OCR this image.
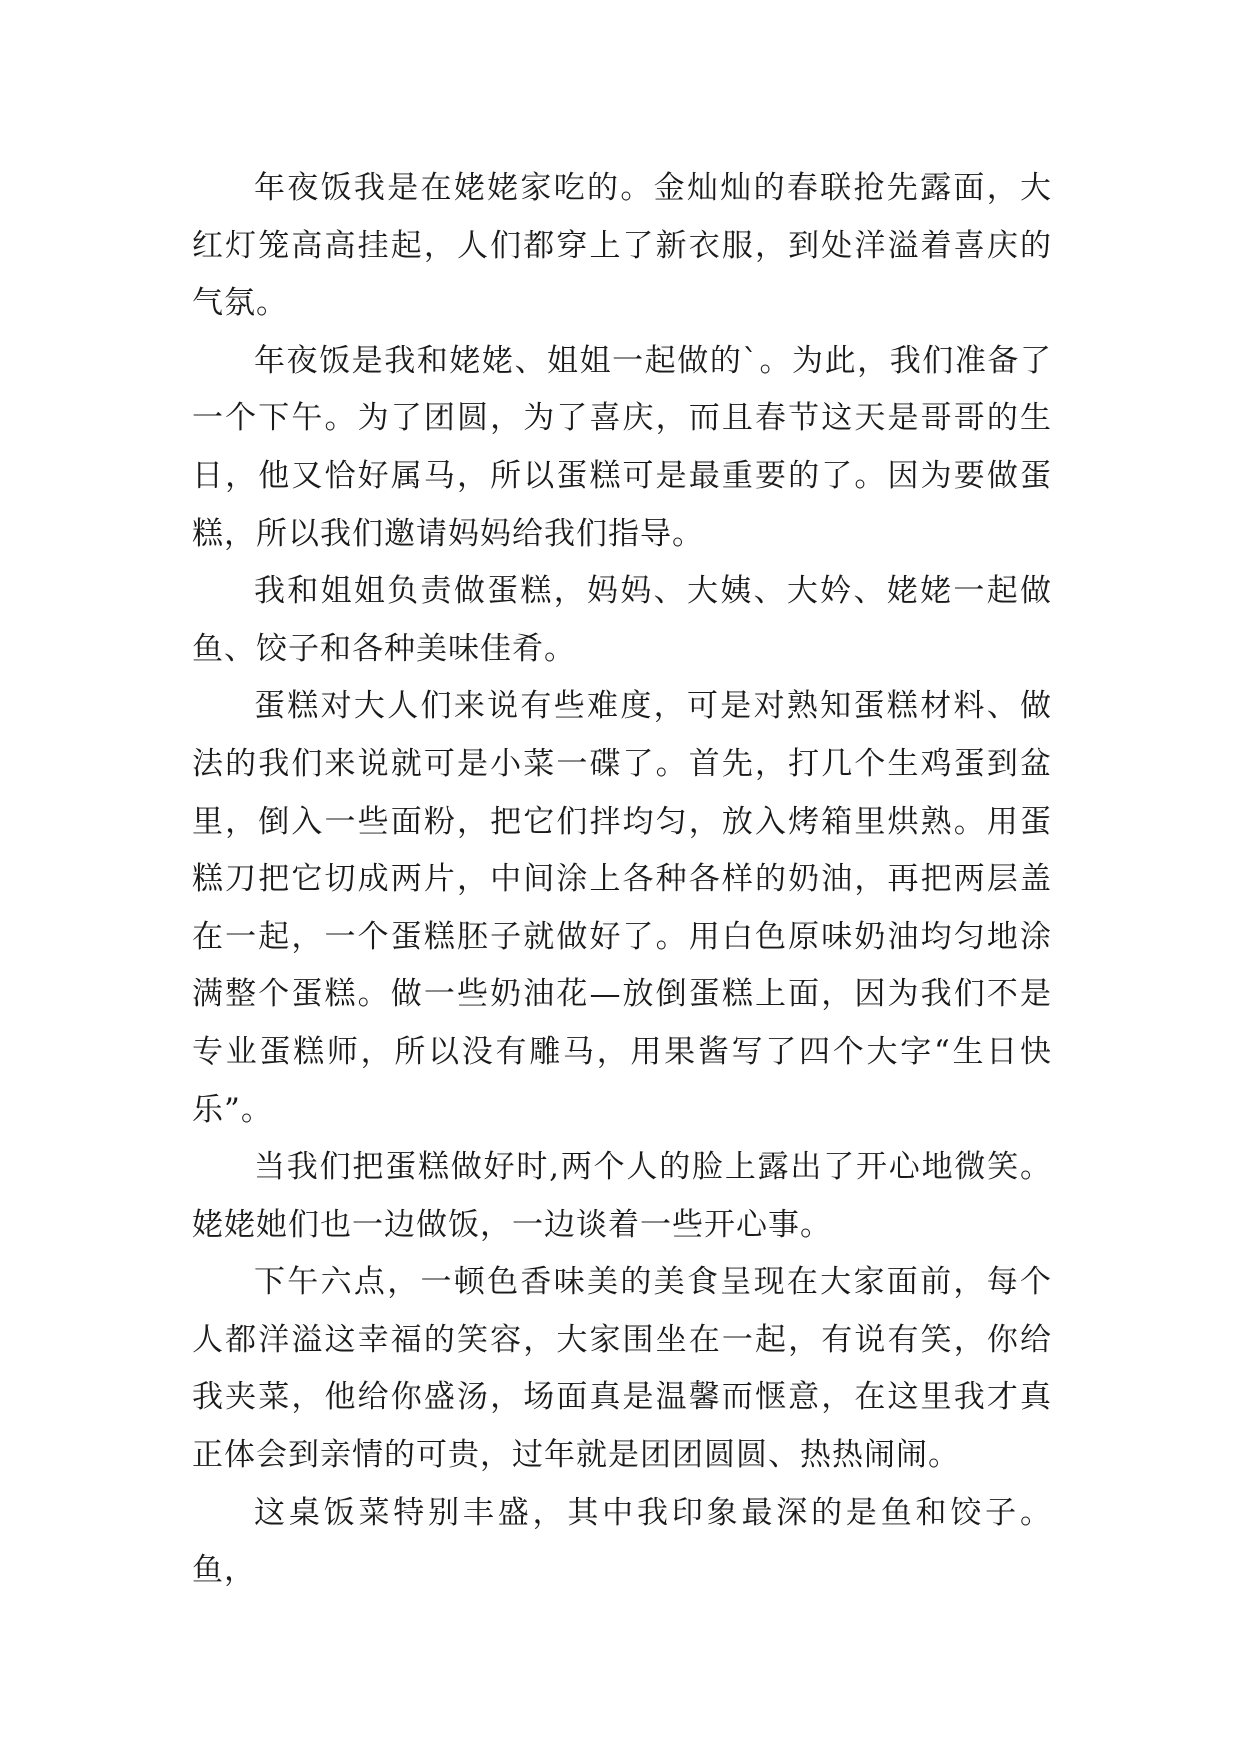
年夜饭我是在姥姥家吃的。金灿灿的春联抢先露面，大红灯笼高高挂起，人们都穿上了新衣服，到处洋溢着喜庆的气氛。

年夜饭是我和姥姥、姐姐一起做的`。为此，我们准备了一个下午。为了团圆，为了喜庆，而且春节这天是哥哥的生日，他又恰好属马，所以蛋糕可是最重要的了。因为要做蛋糕，所以我们邀请妈妈给我们指导。

我和姐姐负责做蛋糕，妈妈、大姨、大妗、姥姥一起做鱼、饺子和各种美味佳肴。

蛋糕对大人们来说有些难度，可是对熟知蛋糕材料、做法的我们来说就可是小菜一碟了。首先，打几个生鸡蛋到盆里，倒入一些面粉，把它们拌均匀，放入烤箱里烘熟。用蛋糕刀把它切成两片，中间涂上各种各样的奶油，再把两层盖在一起，一个蛋糕胚子就做好了。用白色原味奶油均匀地涂满整个蛋糕。做一些奶油花—放倒蛋糕上面，因为我们不是专业蛋糕师，所以没有雕马，用果酱写了四个大字“生日快乐”。

当我们把蛋糕做好时,两个人的脸上露出了开心地微笑。姥姥她们也一边做饭，一边谈着一些开心事。

下午六点，一顿色香味美的美食呈现在大家面前，每个人都洋溢这幸福的笑容，大家围坐在一起，有说有笑，你给我夹菜，他给你盛汤，场面真是温馨而惬意，在这里我才真正体会到亲情的可贵，过年就是团团圆圆、热热闹闹。

这桌饭菜特别丰盛，其中我印象最深的是鱼和饺子。鱼，
